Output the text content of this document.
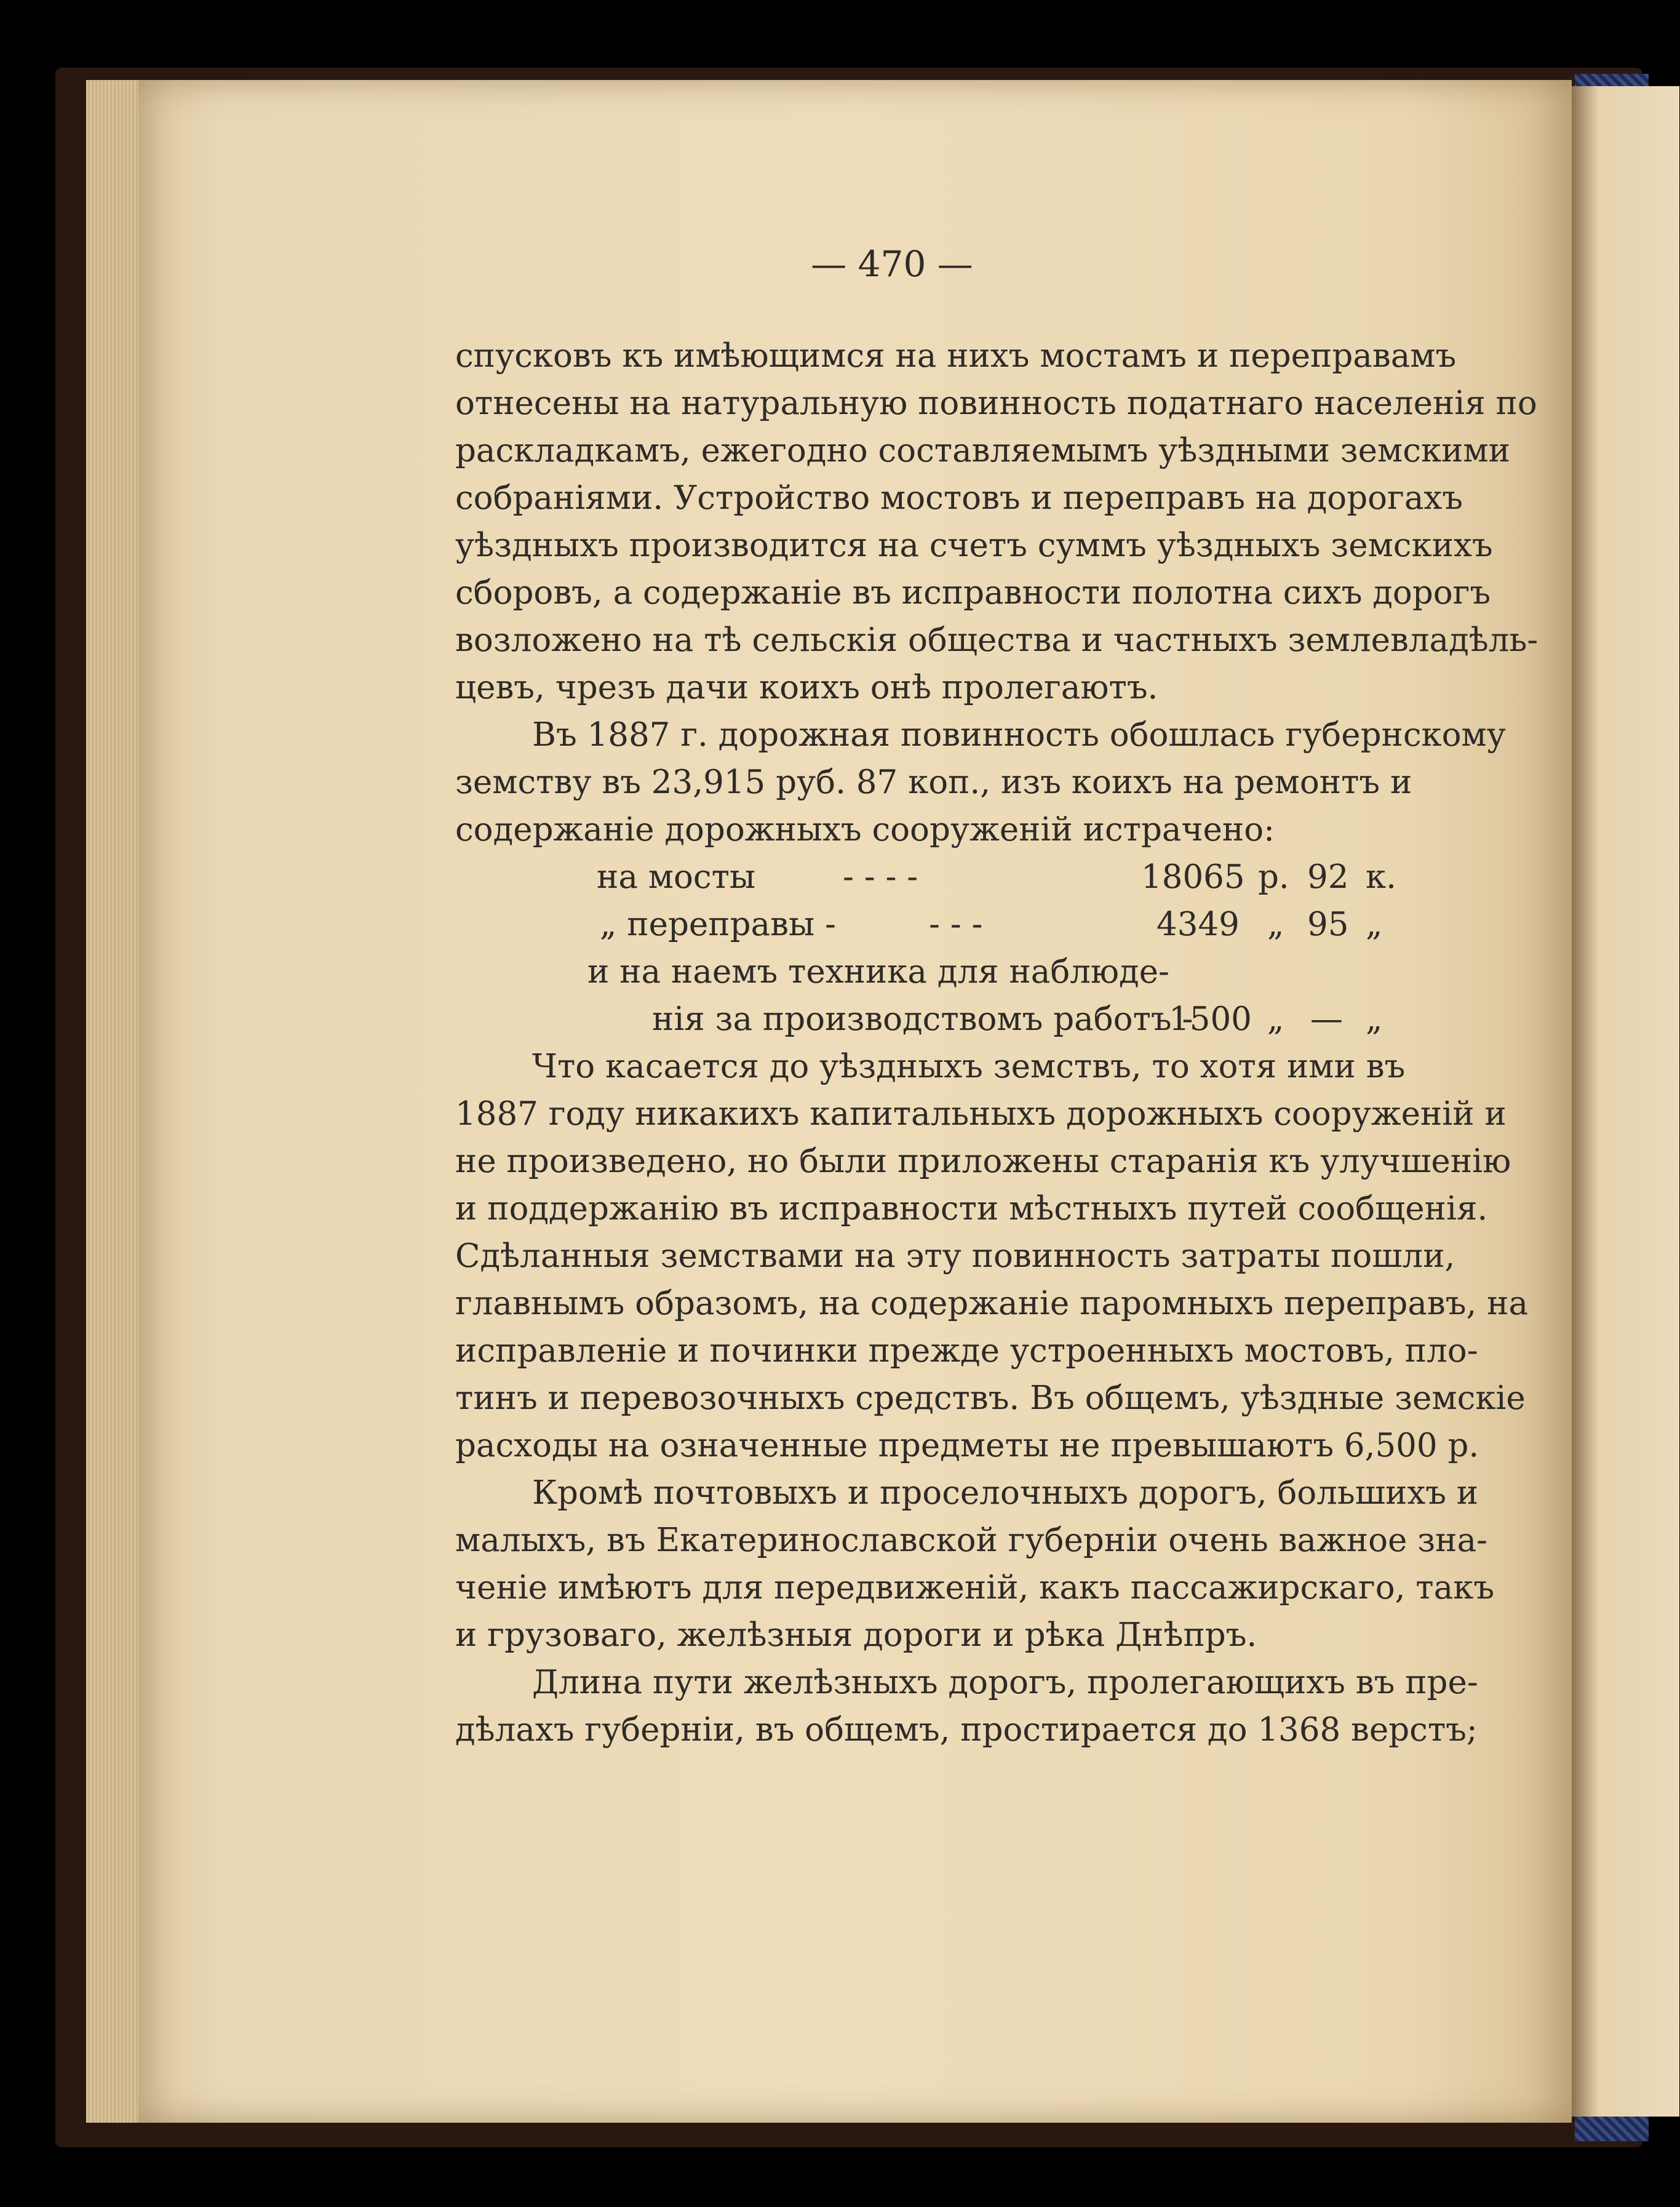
— 470 —
спусковъ къ имѣющимся на нихъ мостамъ и переправамъ
отнесены на натуральную повинность податнаго населенія по
раскладкамъ, ежегодно составляемымъ уѣздными земскими
собраніями. Устройство мостовъ и переправъ на дорогахъ
уѣздныхъ производится на счетъ суммъ уѣздныхъ земскихъ
сборовъ, а содержаніе въ исправности полотна сихъ дорогъ
возложено на тѣ сельскія общества и частныхъ землевладѣль-
цевъ, чрезъ дачи коихъ онѣ пролегаютъ.
Въ 1887 г. дорожная повинность обошлась губернскому
земству въ 23,915 руб. 87 коп., изъ коихъ на ремонтъ и
содержаніе дорожныхъ сооруженій истрачено:
на мосты	- - - -	18065 р. 92 к.
„ переправы -	- - -	4349 „ 95 „
и на наемъ техника для наблюде-
нія за производствомъ работъ -
1500 „ — „
Что касается до уѣздныхъ земствъ, то хотя ими въ
1887 году никакихъ капитальныхъ дорожныхъ сооруженій и
не произведено, но были приложены старанія къ улучшенію
и поддержанію въ исправности мѣстныхъ путей сообщенія.
Сдѣланныя земствами на эту повинность затраты пошли,
главнымъ образомъ, на содержаніе паромныхъ переправъ, на
исправленіе и починки прежде устроенныхъ мостовъ, пло-
тинъ и перевозочныхъ средствъ. Въ общемъ, уѣздные земскіе
расходы на означенные предметы не превышаютъ 6,500 р.
Кромѣ почтовыхъ и проселочныхъ дорогъ, большихъ и
малыхъ, въ Екатеринославской губерніи очень важное зна-
ченіе имѣютъ для передвиженій, какъ пассажирскаго, такъ
и грузоваго, желѣзныя дороги и рѣка Днѣпръ.
Длина пути желѣзныхъ дорогъ, пролегающихъ въ пре-
дѣлахъ губерніи, въ общемъ, простирается до 1368 верстъ;
